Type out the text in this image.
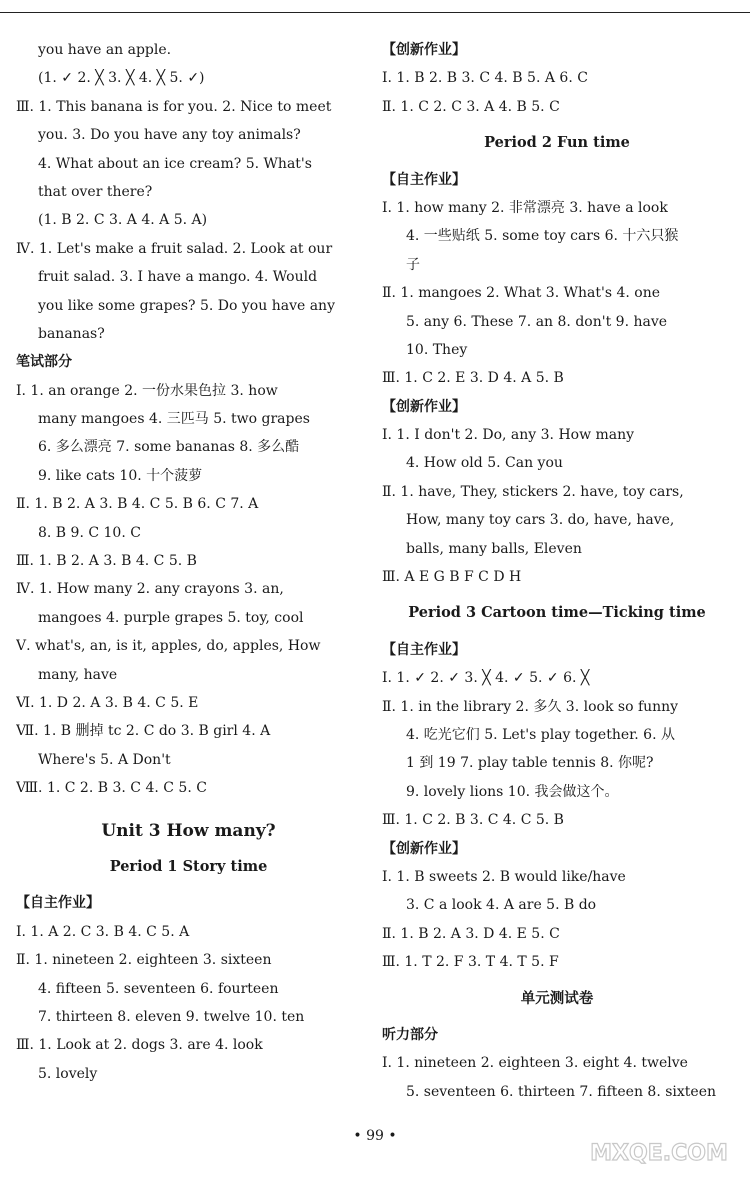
you have an apple.
(1. ✓ 2. ╳ 3. ╳ 4. ╳ 5. ✓)
Ⅲ. 1. This banana is for you. 2. Nice to meet
you. 3. Do you have any toy animals?
4. What about an ice cream? 5. What's
that over there?
(1. B 2. C 3. A 4. A 5. A)
Ⅳ. 1. Let's make a fruit salad. 2. Look at our
fruit salad. 3. I have a mango. 4. Would
you like some grapes? 5. Do you have any
bananas?
笔试部分
Ⅰ. 1. an orange 2. 一份水果色拉 3. how
many mangoes 4. 三匹马 5. two grapes
6. 多么漂亮 7. some bananas 8. 多么酷
9. like cats 10. 十个菠萝
Ⅱ. 1. B 2. A 3. B 4. C 5. B 6. C 7. A
8. B 9. C 10. C
Ⅲ. 1. B 2. A 3. B 4. C 5. B
Ⅳ. 1. How many 2. any crayons 3. an,
mangoes 4. purple grapes 5. toy, cool
Ⅴ. what's, an, is it, apples, do, apples, How
many, have
Ⅵ. 1. D 2. A 3. B 4. C 5. E
Ⅶ. 1. B 删掉 tc 2. C do 3. B girl 4. A
Where's 5. A Don't
Ⅷ. 1. C 2. B 3. C 4. C 5. C
Unit 3 How many?
Period 1 Story time
【自主作业】
Ⅰ. 1. A 2. C 3. B 4. C 5. A
Ⅱ. 1. nineteen 2. eighteen 3. sixteen
4. fifteen 5. seventeen 6. fourteen
7. thirteen 8. eleven 9. twelve 10. ten
Ⅲ. 1. Look at 2. dogs 3. are 4. look
5. lovely
【创新作业】
Ⅰ. 1. B 2. B 3. C 4. B 5. A 6. C
Ⅱ. 1. C 2. C 3. A 4. B 5. C
Period 2 Fun time
【自主作业】
Ⅰ. 1. how many 2. 非常漂亮 3. have a look
4. 一些贴纸 5. some toy cars 6. 十六只猴
子
Ⅱ. 1. mangoes 2. What 3. What's 4. one
5. any 6. These 7. an 8. don't 9. have
10. They
Ⅲ. 1. C 2. E 3. D 4. A 5. B
【创新作业】
Ⅰ. 1. I don't 2. Do, any 3. How many
4. How old 5. Can you
Ⅱ. 1. have, They, stickers 2. have, toy cars,
How, many toy cars 3. do, have, have,
balls, many balls, Eleven
Ⅲ. A E G B F C D H
Period 3 Cartoon time—Ticking time
【自主作业】
Ⅰ. 1. ✓ 2. ✓ 3. ╳ 4. ✓ 5. ✓ 6. ╳
Ⅱ. 1. in the library 2. 多久 3. look so funny
4. 吃光它们 5. Let's play together. 6. 从
1 到 19 7. play table tennis 8. 你呢?
9. lovely lions 10. 我会做这个。
Ⅲ. 1. C 2. B 3. C 4. C 5. B
【创新作业】
Ⅰ. 1. B sweets 2. B would like/have
3. C a look 4. A are 5. B do
Ⅱ. 1. B 2. A 3. D 4. E 5. C
Ⅲ. 1. T 2. F 3. T 4. T 5. F
单元测试卷
听力部分
Ⅰ. 1. nineteen 2. eighteen 3. eight 4. twelve
5. seventeen 6. thirteen 7. fifteen 8. sixteen
• 99 •
MXQE.COM
